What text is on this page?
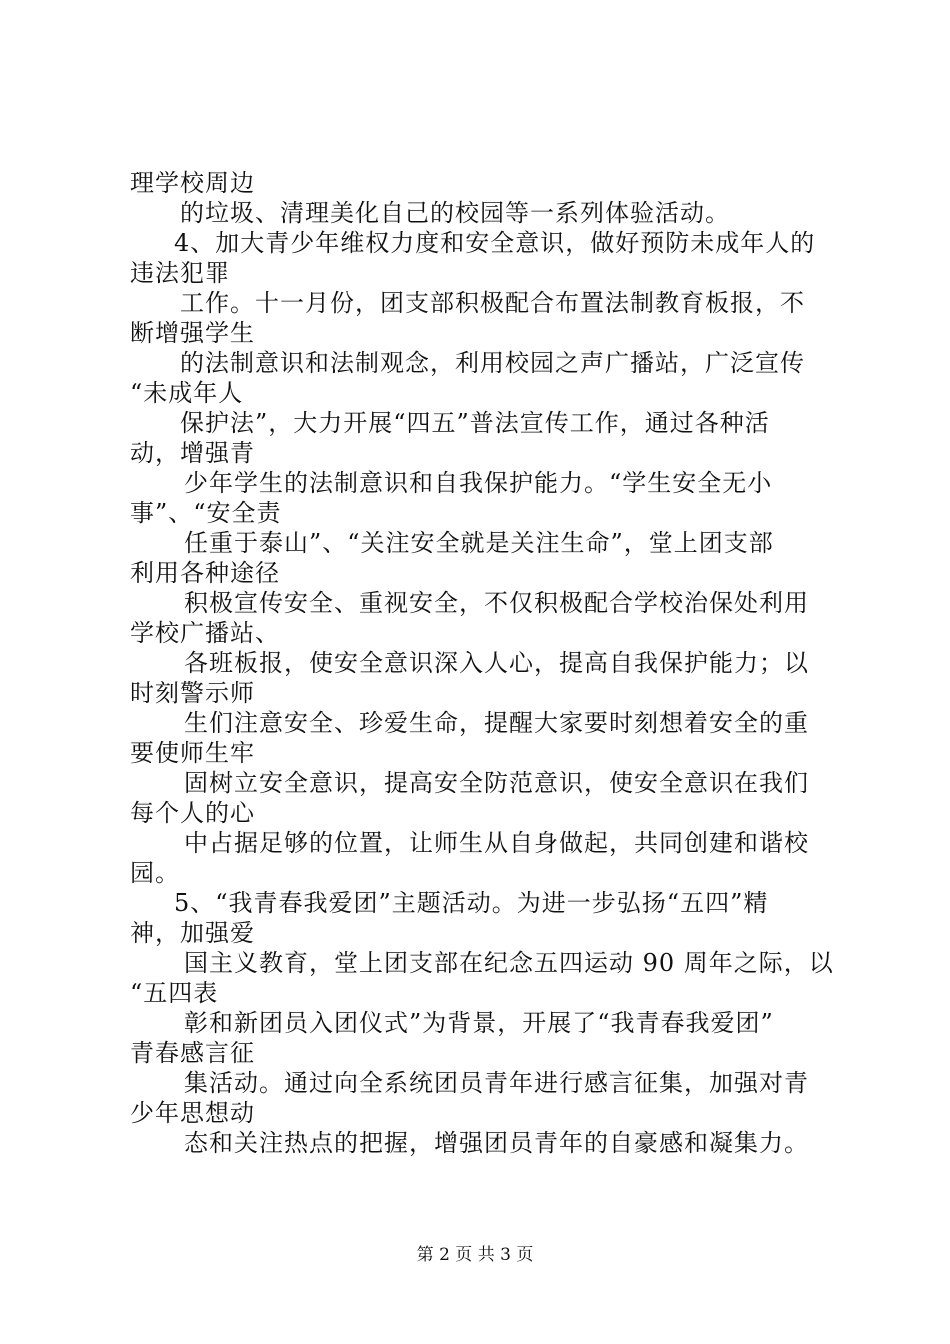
理学校周边
的垃圾、清理美化自己的校园等一系列体验活动。
4、加大青少年维权力度和安全意识，做好预防未成年人的
违法犯罪
工作。十一月份，团支部积极配合布置法制教育板报，不
断增强学生
的法制意识和法制观念，利用校园之声广播站，广泛宣传
“未成年人
保护法”，大力开展“四五”普法宣传工作，通过各种活
动，增强青
少年学生的法制意识和自我保护能力。“学生安全无小
事”、“安全责
任重于泰山”、“关注安全就是关注生命”，堂上团支部
利用各种途径
积极宣传安全、重视安全，不仅积极配合学校治保处利用
学校广播站、
各班板报，使安全意识深入人心，提高自我保护能力；以
时刻警示师
生们注意安全、珍爱生命，提醒大家要时刻想着安全的重
要使师生牢
固树立安全意识，提高安全防范意识，使安全意识在我们
每个人的心
中占据足够的位置，让师生从自身做起，共同创建和谐校
园。
5、“我青春我爱团”主题活动。为进一步弘扬“五四”精
神，加强爱
国主义教育，堂上团支部在纪念五四运动 90 周年之际，以
“五四表
彰和新团员入团仪式”为背景，开展了“我青春我爱团”
青春感言征
集活动。通过向全系统团员青年进行感言征集，加强对青
少年思想动
态和关注热点的把握，增强团员青年的自豪感和凝集力。
第 2 页 共 3 页
